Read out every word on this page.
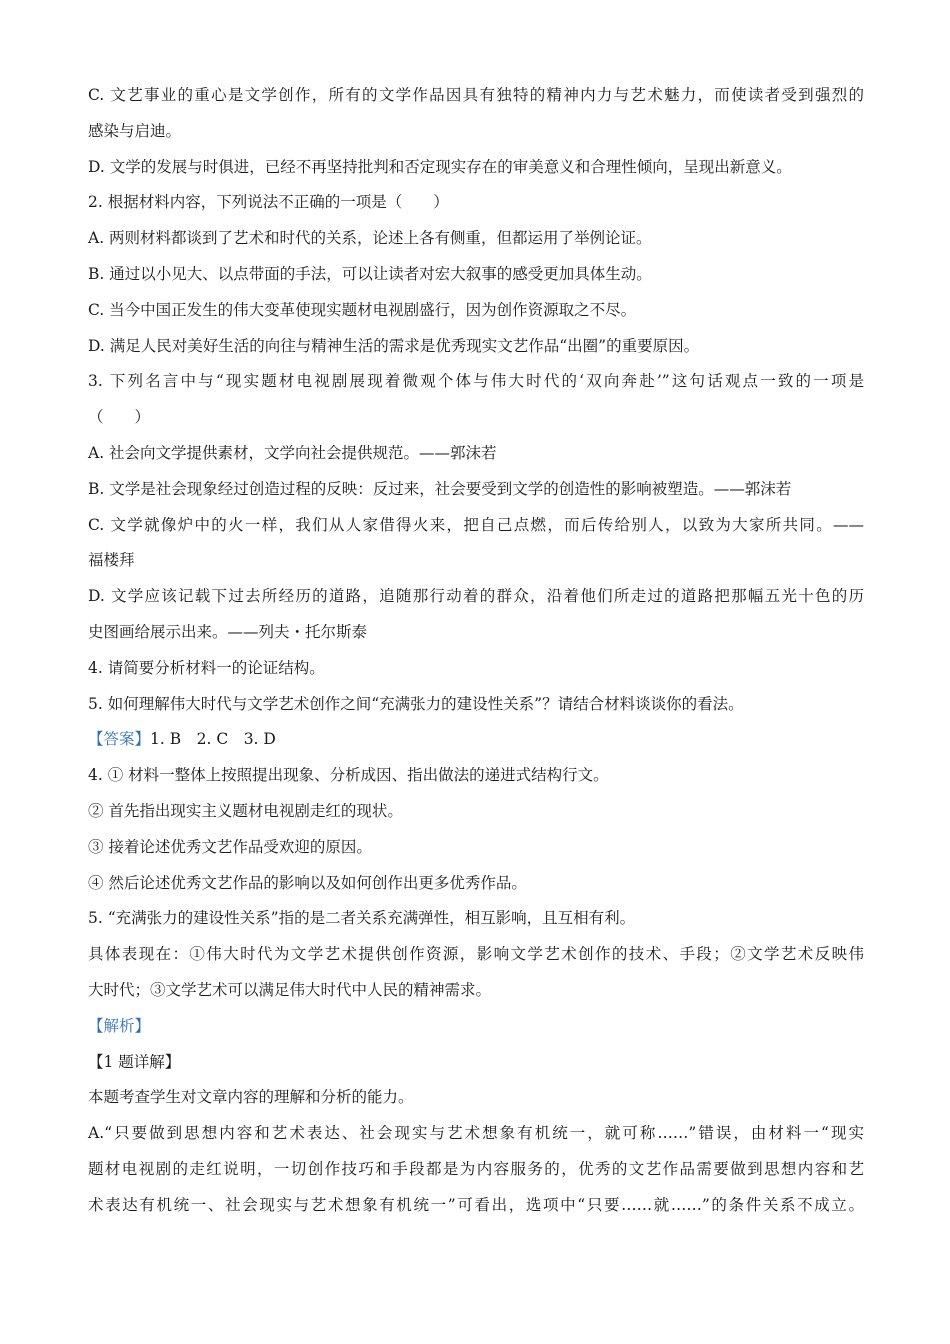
C. 文艺事业的重心是文学创作，所有的文学作品因具有独特的精神内力与艺术魅力，而使读者受到强烈的
感染与启迪。
D. 文学的发展与时俱进，已经不再坚持批判和否定现实存在的审美意义和合理性倾向，呈现出新意义。
2. 根据材料内容，下列说法不正确的一项是（　　）
A. 两则材料都谈到了艺术和时代的关系，论述上各有侧重，但都运用了举例论证。
B. 通过以小见大、以点带面的手法，可以让读者对宏大叙事的感受更加具体生动。
C. 当今中国正发生的伟大变革使现实题材电视剧盛行，因为创作资源取之不尽。
D. 满足人民对美好生活的向往与精神生活的需求是优秀现实文艺作品“出圈”的重要原因。
3. 下列名言中与“现实题材电视剧展现着微观个体与伟大时代的‘双向奔赴’”这句话观点一致的一项是
（　　）
A. 社会向文学提供素材，文学向社会提供规范。——郭沫若
B. 文学是社会现象经过创造过程的反映：反过来，社会要受到文学的创造性的影响被塑造。——郭沫若
C. 文学就像炉中的火一样，我们从人家借得火来，把自己点燃，而后传给别人，以致为大家所共同。——
福楼拜
D. 文学应该记载下过去所经历的道路，追随那行动着的群众，沿着他们所走过的道路把那幅五光十色的历
史图画给展示出来。——列夫・托尔斯泰
4. 请简要分析材料一的论证结构。
5. 如何理解伟大时代与文学艺术创作之间“充满张力的建设性关系”？请结合材料谈谈你的看法。
【答案】1. B　2. C　3. D
4. ① 材料一整体上按照提出现象、分析成因、指出做法的递进式结构行文。
② 首先指出现实主义题材电视剧走红的现状。
③ 接着论述优秀文艺作品受欢迎的原因。
④ 然后论述优秀文艺作品的影响以及如何创作出更多优秀作品。
5. “充满张力的建设性关系”指的是二者关系充满弹性，相互影响，且互相有利。
具体表现在：①伟大时代为文学艺术提供创作资源，影响文学艺术创作的技术、手段；②文学艺术反映伟
大时代；③文学艺术可以满足伟大时代中人民的精神需求。
【解析】
【1 题详解】
本题考查学生对文章内容的理解和分析的能力。
A.“只要做到思想内容和艺术表达、社会现实与艺术想象有机统一，就可称……”错误，由材料一“现实
题材电视剧的走红说明，一切创作技巧和手段都是为内容服务的，优秀的文艺作品需要做到思想内容和艺
术表达有机统一、社会现实与艺术想象有机统一”可看出，选项中“只要……就……”的条件关系不成立。
